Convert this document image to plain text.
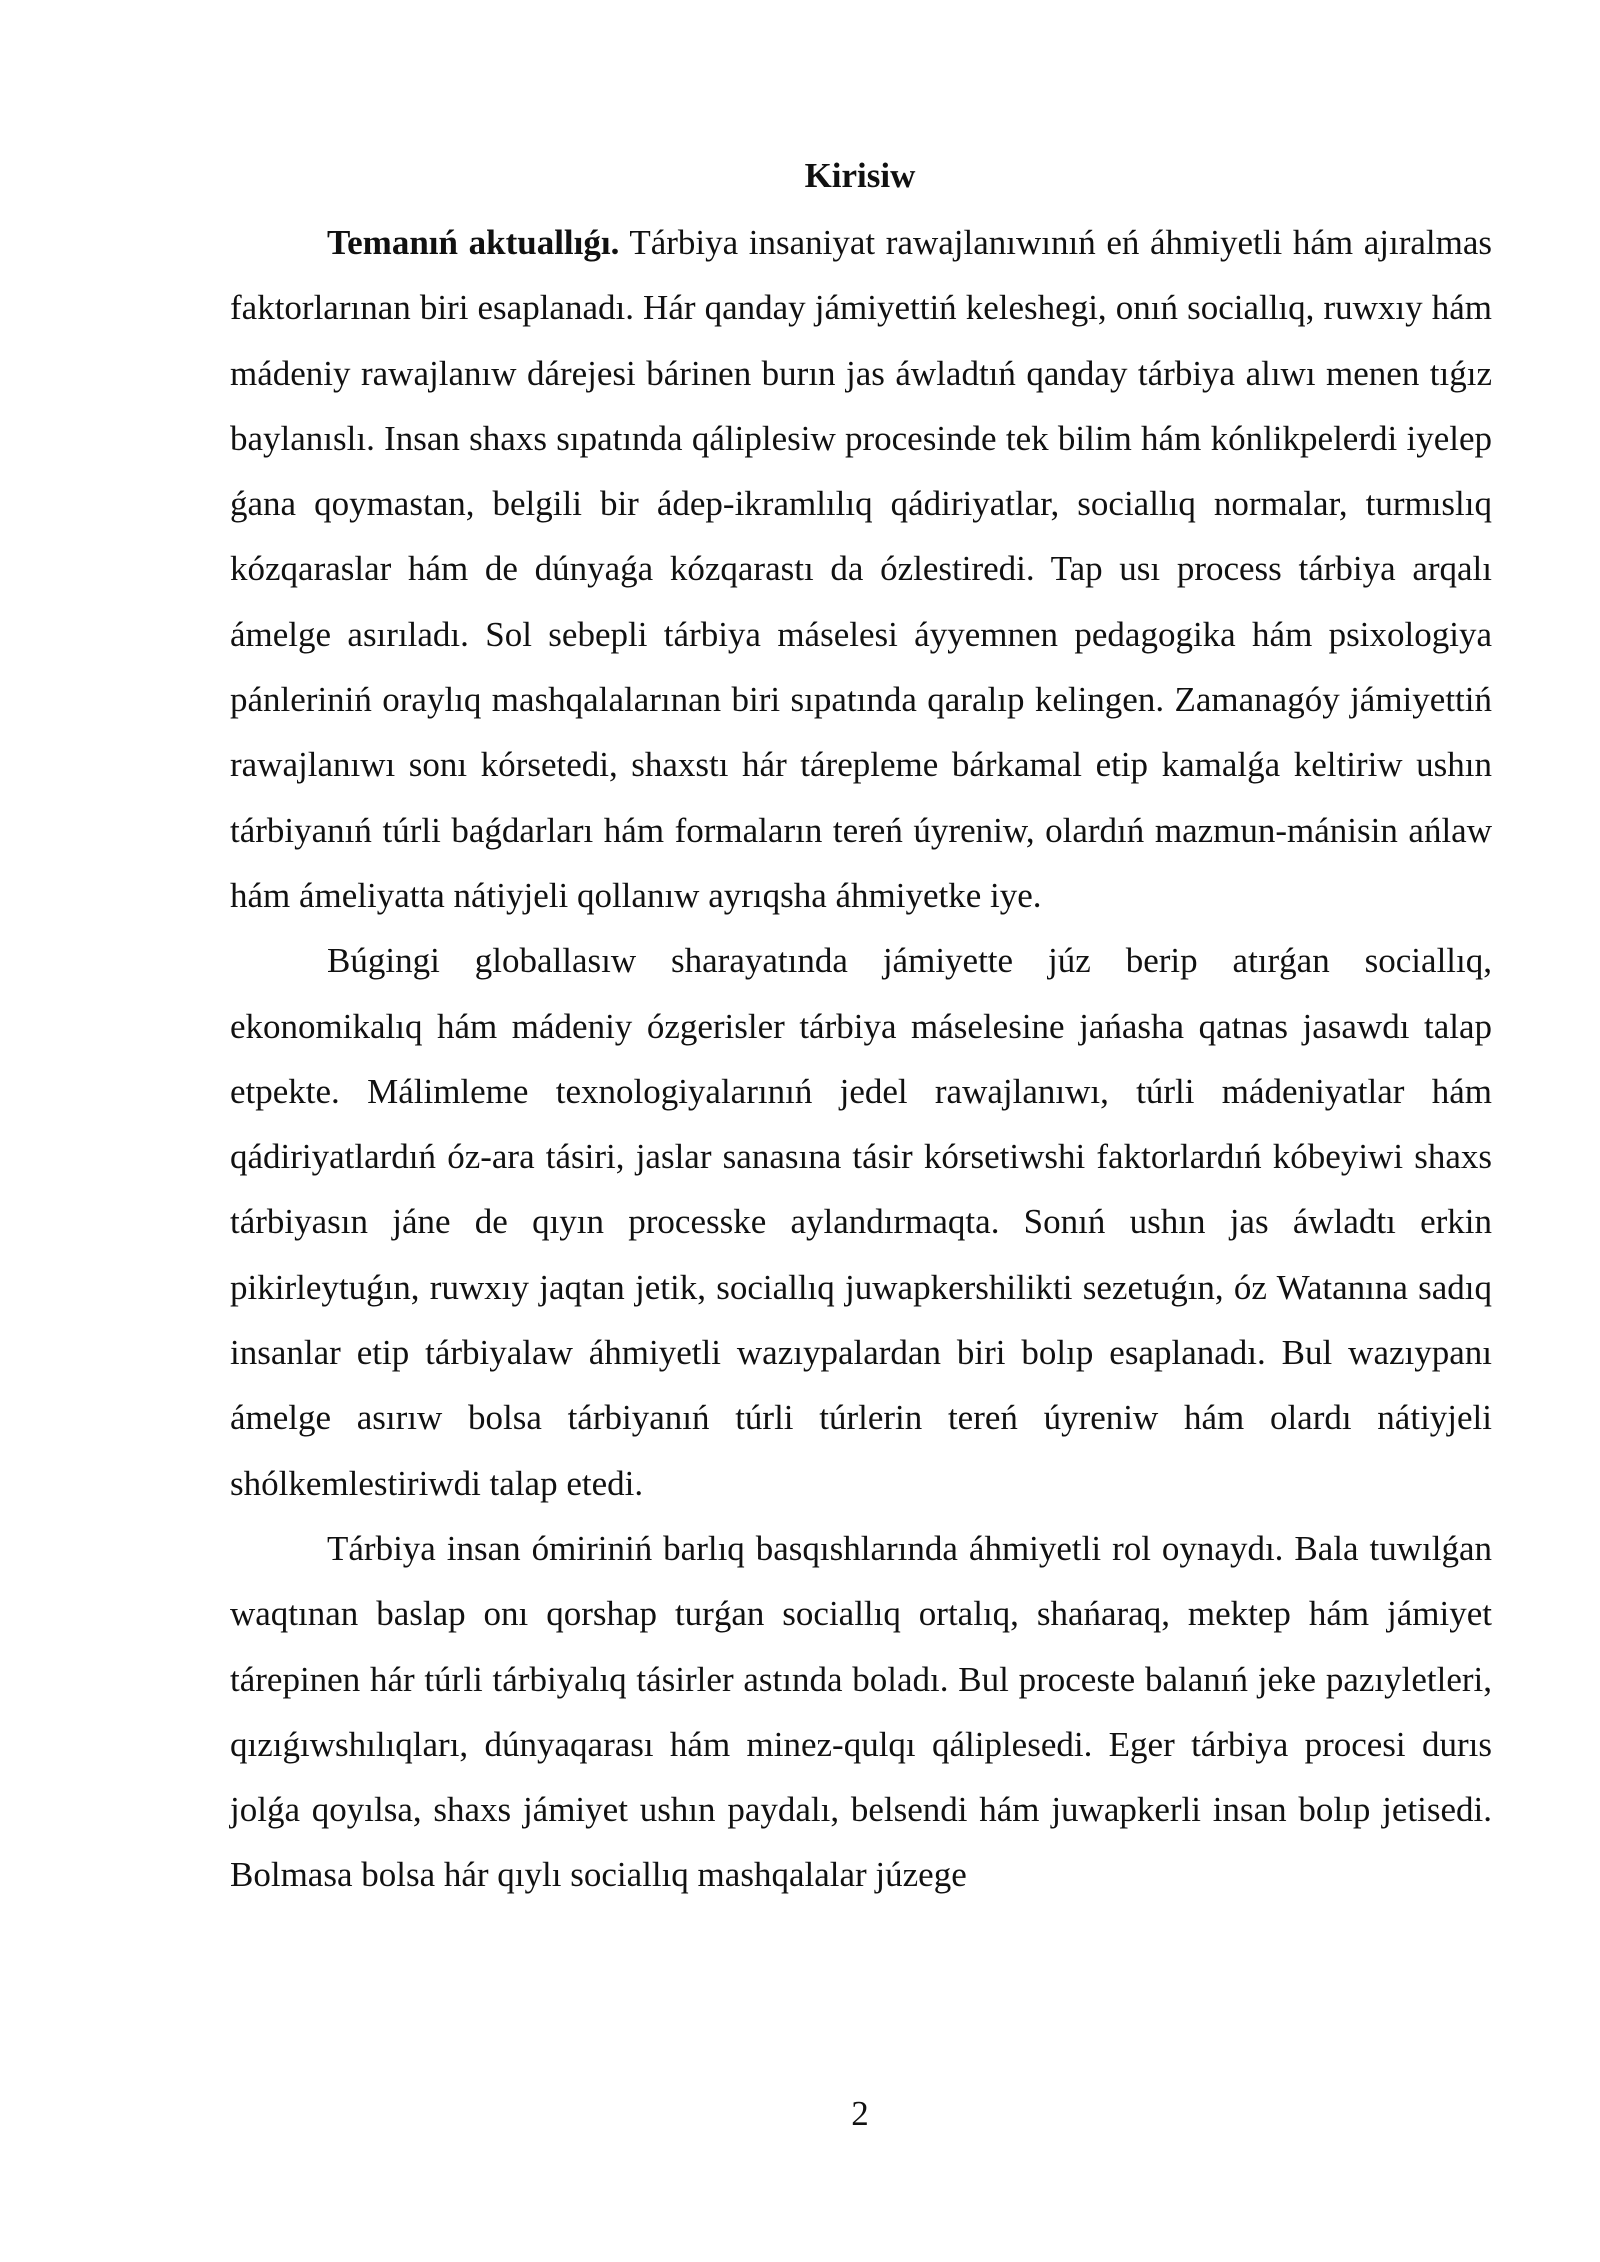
Kirisiw

Temanıń aktuallıǵı. Tárbiya insaniyat rawajlanıwınıń eń áhmiyetli hám ajıralmas faktorlarınan biri esaplanadı. Hár qanday jámiyettiń keleshegi, onıń sociallıq, ruwxıy hám mádeniy rawajlanıw dárejesi bárinen burın jas áwladtıń qanday tárbiya alıwı menen tıǵız baylanıslı. Insan shaxs sıpatında qáliplesiw procesinde tek bilim hám kónlikpelerdi iyelep ǵana qoymastan, belgili bir ádep-ikramlılıq qádiriyatlar, sociallıq normalar, turmıslıq kózqaraslar hám de dúnyaǵa kózqarastı da ózlestiredi. Tap usı process tárbiya arqalı ámelge asırıladı. Sol sebepli tárbiya máselesi áyyemnen pedagogika hám psixologiya pánleriniń oraylıq mashqalalarınan biri sıpatında qaralıp kelingen. Zamanagóy jámiyettiń rawajlanıwı sonı kórsetedi, shaxstı hár tárepleme bárkamal etip kamalǵa keltiriw ushın tárbiyanıń túrli baǵdarları hám formaların tereń úyreniw, olardıń mazmun-mánisin ańlaw hám ámeliyatta nátiyjeli qollanıw ayrıqsha áhmiyetke iye.

Búgingi globallasıw sharayatında jámiyette júz berip atırǵan sociallıq, ekonomikalıq hám mádeniy ózgerisler tárbiya máselesine jańasha qatnas jasawdı talap etpekte. Málimleme texnologiyalarınıń jedel rawajlanıwı, túrli mádeniyatlar hám qádiriyatlardıń óz-ara tásiri, jaslar sanasına tásir kórsetiwshi faktorlardıń kóbeyiwi shaxs tárbiyasın jáne de qıyın processke aylandırmaqta. Sonıń ushın jas áwladtı erkin pikirleytuǵın, ruwxıy jaqtan jetik, sociallıq juwapkershilikti sezetuǵın, óz Watanına sadıq insanlar etip tárbiyalaw áhmiyetli wazıypalardan biri bolıp esaplanadı. Bul wazıypanı ámelge asırıw bolsa tárbiyanıń túrli túrlerin tereń úyreniw hám olardı nátiyjeli shólkemlestiriwdi talap etedi.

Tárbiya insan ómiriniń barlıq basqıshlarında áhmiyetli rol oynaydı. Bala tuwılǵan waqtınan baslap onı qorshap turǵan sociallıq ortalıq, shańaraq, mektep hám jámiyet tárepinen hár túrli tárbiyalıq tásirler astında boladı. Bul proceste balanıń jeke pazıyletleri, qızıǵıwshılıqları, dúnyaqarası hám minez-qulqı qáliplesedi. Eger tárbiya procesi durıs jolǵa qoyılsa, shaxs jámiyet ushın paydalı, belsendi hám juwapkerli insan bolıp jetisedi. Bolmasa bolsa hár qıylı sociallıq mashqalalar júzege

2
